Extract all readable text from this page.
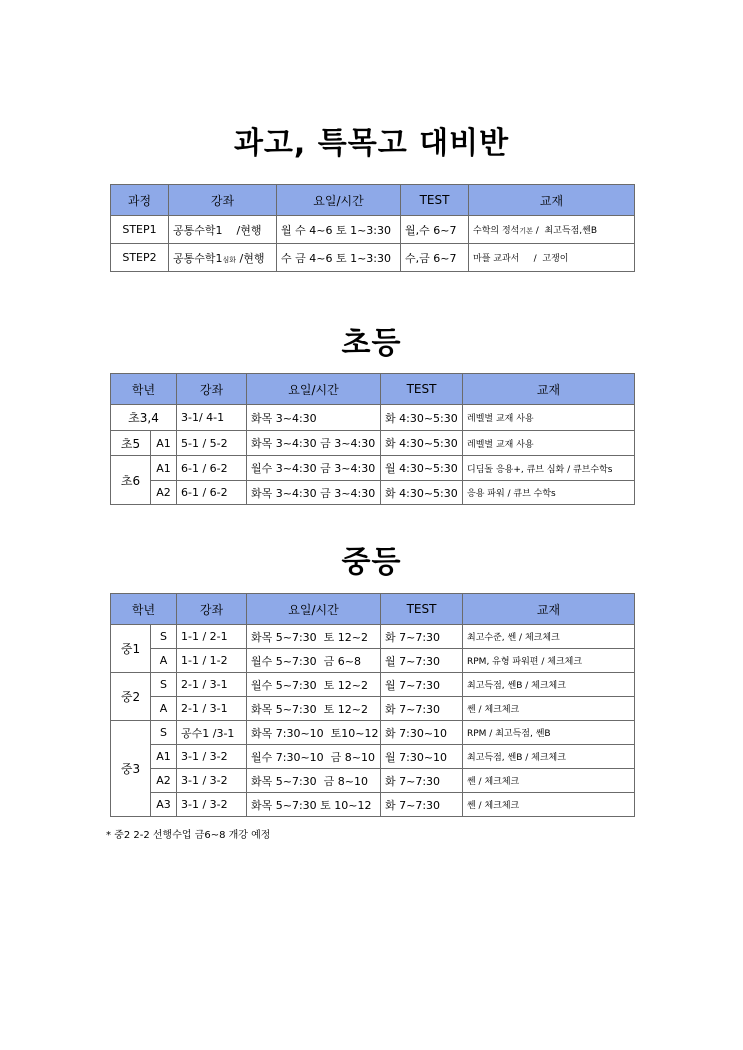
과고, 특목고 대비반
과정	강좌	요일/시간	TEST	교재
STEP1	공통수학1 /현행	월 수 4~6 토 1~3:30	월,수 6~7	수학의 정석기본 /  최고득점,쎈B
STEP2	공통수학1심화 /현행	수 금 4~6 토 1~3:30	수,금 6~7	마플 교과서     /  고쟁이
초등
학년		강좌	요일/시간	TEST	교재
초3,4		3-1/ 4-1	화목 3~4:30	화 4:30~5:30	레벨별 교재 사용
초5	A1	5-1 / 5-2	화목 3~4:30 금 3~4:30	화 4:30~5:30	레벨별 교재 사용
초6	A1	6-1 / 6-2	월수 3~4:30 금 3~4:30	월 4:30~5:30	디딤돌 응용+, 큐브 심화 / 큐브수학s
	A2	6-1 / 6-2	화목 3~4:30 금 3~4:30	화 4:30~5:30	응용 파워 / 큐브 수학s
중등
학년		강좌	요일/시간	TEST	교재
중1	S	1-1 / 2-1	화목 5~7:30  토 12~2	화 7~7:30	최고수준, 쎈 / 체크체크
	A	1-1 / 1-2	월수 5~7:30  금 6~8	월 7~7:30	RPM, 유형 파워편 / 체크체크
중2	S	2-1 / 3-1	월수 5~7:30  토 12~2	월 7~7:30	최고득점, 쎈B / 체크체크
	A	2-1 / 3-1	화목 5~7:30  토 12~2	화 7~7:30	쎈 / 체크체크
중3	S	공수1 /3-1	화목 7:30~10  토10~12	화 7:30~10	RPM / 최고득점, 쎈B
	A1	3-1 / 3-2	월수 7:30~10  금 8~10	월 7:30~10	최고득점, 쎈B / 체크체크
	A2	3-1 / 3-2	화목 5~7:30  금 8~10	화 7~7:30	쎈 / 체크체크
	A3	3-1 / 3-2	화목 5~7:30 토 10~12	화 7~7:30	쎈 / 체크체크
* 중2 2-2 선행수업 금6~8 개강 예정
